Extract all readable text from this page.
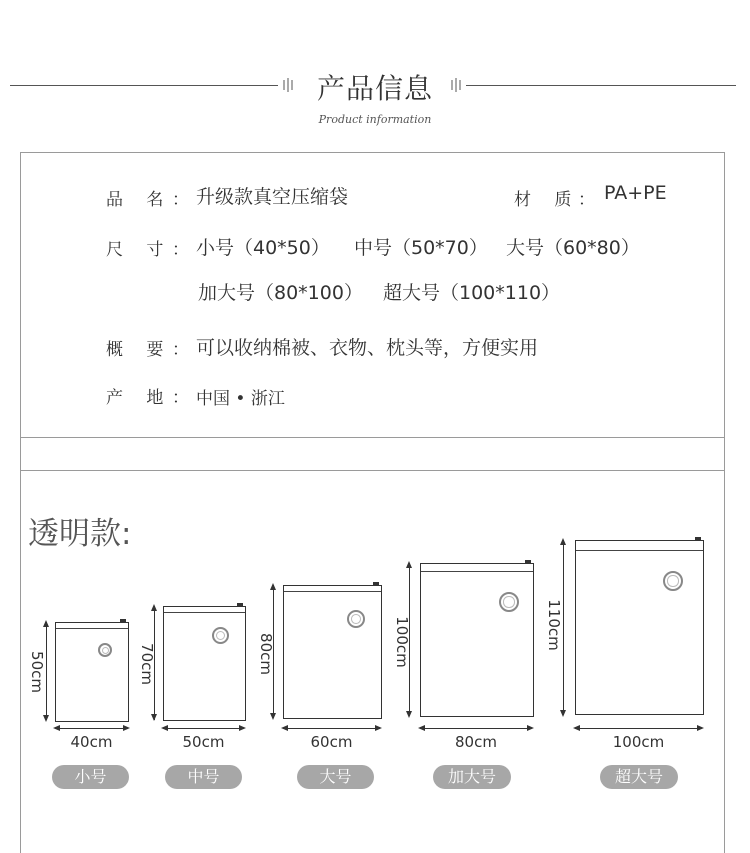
产品信息
Product information
品 名 ： 升级款真空压缩袋	材 质 ： PA+PE
尺 寸 ： 小号（40*50） 中号（50*70） 大号（60*80）
加大号（80*100） 超大号（100*110）
概 要 ： 可以收纳棉被、衣物、枕头等，方便实用
产 地 ： 中国 • 浙江
透明款:
50cm
40cm
小号
70cm
50cm
中号
80cm
60cm
大号
100cm
80cm
加大号
110cm
100cm
超大号
